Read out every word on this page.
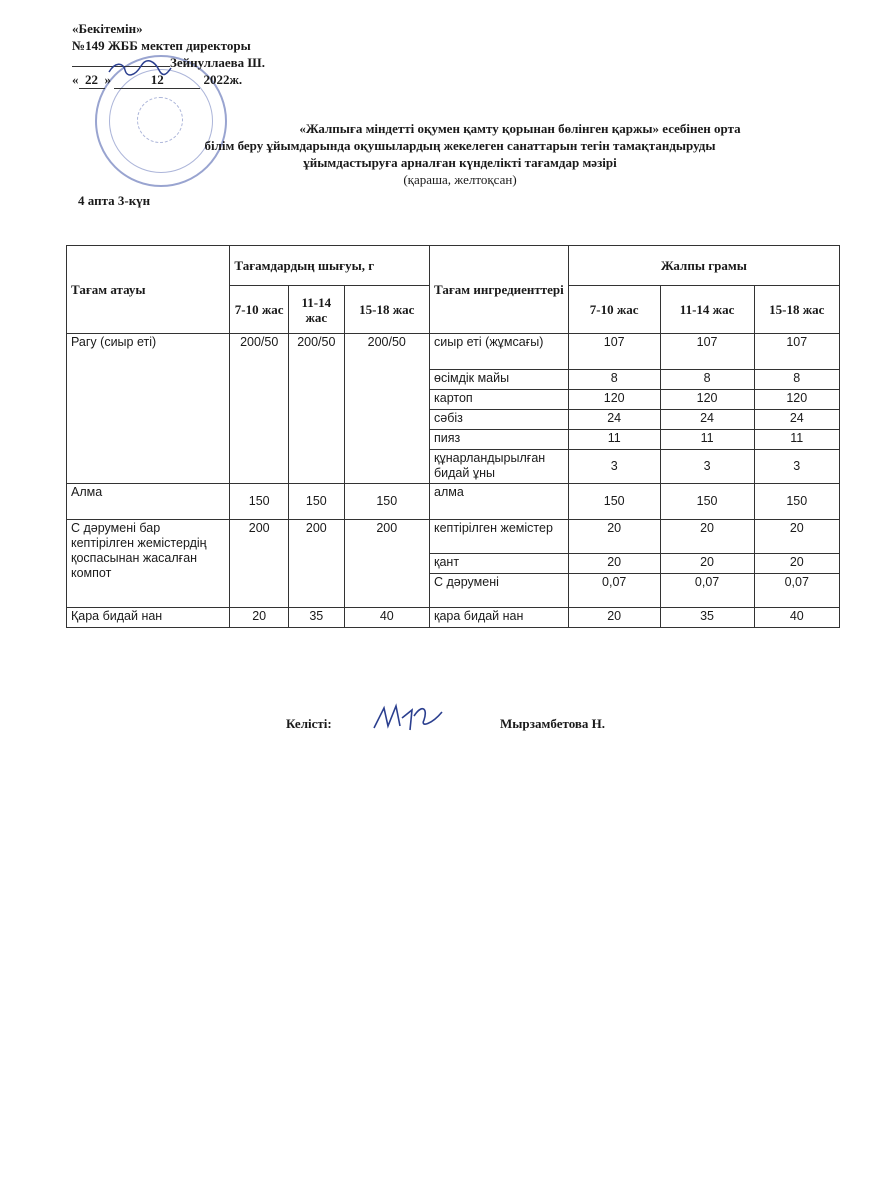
«Бекітемін»
№149 ЖББ мектеп директоры
Зейнуллаева Ш.
« 22 »	12	2022ж.
«Жалпыға міндетті оқумен қамту қорынан бөлінген қаржы» есебінен орта
білім беру ұйымдарында оқушылардың жекелеген санаттарын тегін тамақтандыруды
ұйымдастыруға арналған күнделікті тағамдар мәзірі
(қараша, желтоқсан)
4 апта 3-күн
Тағам атауы	Тағамдардың шығуы, г			Тағам ингредиенттері	Жалпы грамы		
	7-10 жас	11-14 жас	15-18 жас		7-10 жас	11-14 жас	15-18 жас
Рагу (сиыр еті)	200/50	200/50	200/50	сиыр еті (жұмсағы)	107	107	107
				өсімдік майы	8	8	8
				картоп	120	120	120
				сәбіз	24	24	24
				пияз	11	11	11
				құнарландырылған бидай ұны	3	3	3
Алма	150	150	150	алма	150	150	150
С дәрумені бар кептірілген жемістердің қоспасынан жасалған компот	200	200	200	кептірілген жемістер	20	20	20
				қант	20	20	20
				С дәрумені	0,07	0,07	0,07
Қара бидай нан	20	35	40	қара бидай нан	20	35	40
Келісті:	Мырзамбетова Н.
